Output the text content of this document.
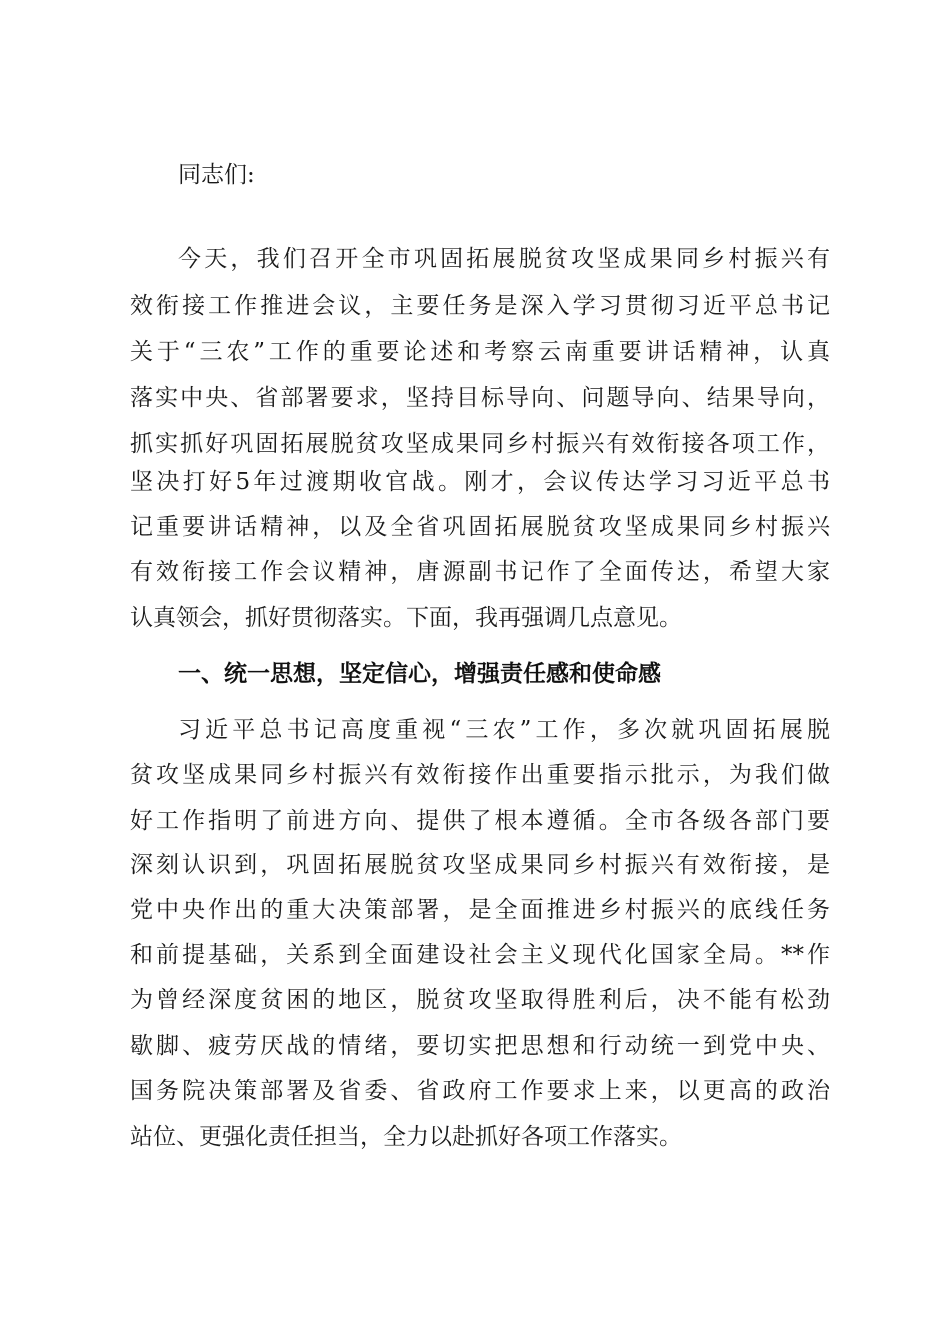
同志们:
今天，我们召开全市巩固拓展脱贫攻坚成果同乡村振兴有
效衔接工作推进会议，主要任务是深入学习贯彻习近平总书记
关于“三农”工作的重要论述和考察云南重要讲话精神，认真
落实中央、省部署要求，坚持目标导向、问题导向、结果导向，
抓实抓好巩固拓展脱贫攻坚成果同乡村振兴有效衔接各项工作，
坚决打好5年过渡期收官战。刚才，会议传达学习习近平总书
记重要讲话精神，以及全省巩固拓展脱贫攻坚成果同乡村振兴
有效衔接工作会议精神，唐源副书记作了全面传达，希望大家
认真领会，抓好贯彻落实。下面，我再强调几点意见。
一、统一思想，坚定信心，增强责任感和使命感
习近平总书记高度重视“三农”工作，多次就巩固拓展脱
贫攻坚成果同乡村振兴有效衔接作出重要指示批示，为我们做
好工作指明了前进方向、提供了根本遵循。全市各级各部门要
深刻认识到，巩固拓展脱贫攻坚成果同乡村振兴有效衔接，是
党中央作出的重大决策部署，是全面推进乡村振兴的底线任务
和前提基础，关系到全面建设社会主义现代化国家全局。**作
为曾经深度贫困的地区，脱贫攻坚取得胜利后，决不能有松劲
歇脚、疲劳厌战的情绪，要切实把思想和行动统一到党中央、
国务院决策部署及省委、省政府工作要求上来，以更高的政治
站位、更强化责任担当，全力以赴抓好各项工作落实。
